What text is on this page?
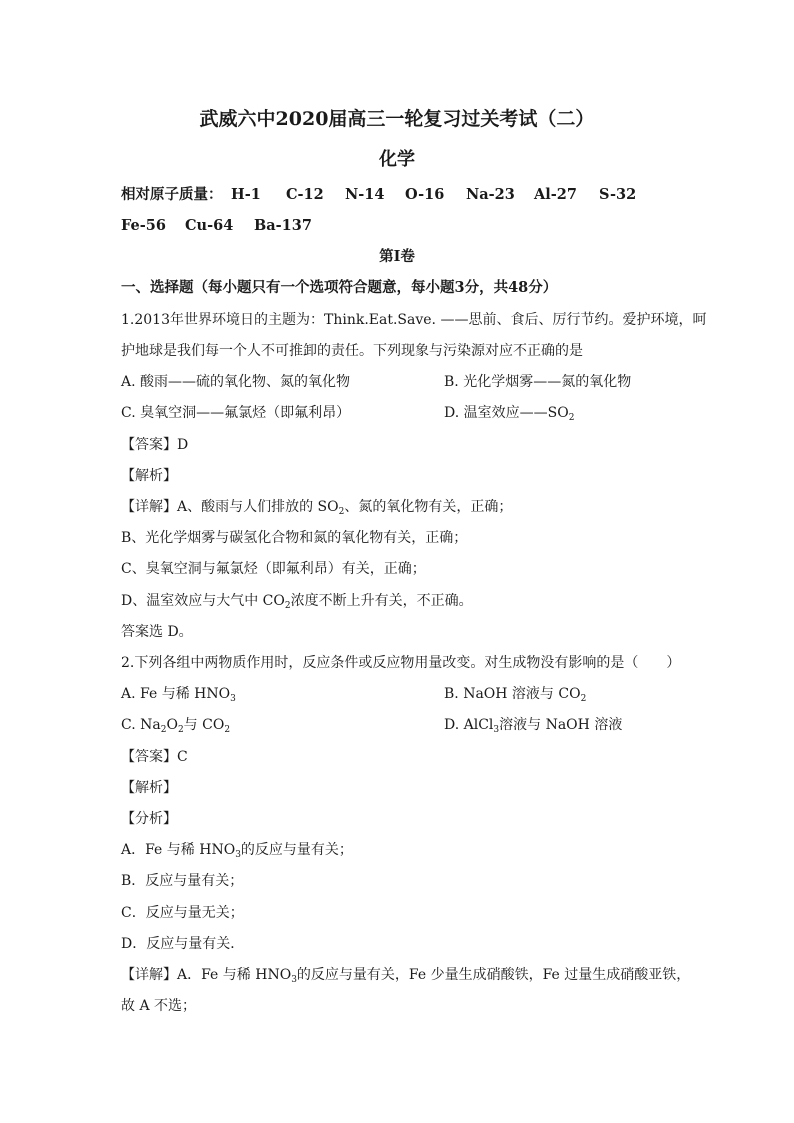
武威六中2020届高三一轮复习过关考试（二）
化学
相对原子质量： H-1 C-12 N-14 O-16 Na-23 Al-27 S-32
Fe-56 Cu-64 Ba-137
第I卷
一、选择题（每小题只有一个选项符合题意，每小题3分，共48分）
1.2013年世界环境日的主题为：Think.Eat.Save. ——思前、食后、厉行节约。爱护环境，呵
护地球是我们每一个人不可推卸的责任。下列现象与污染源对应不正确的是
A. 酸雨——硫的氧化物、氮的氧化物	B. 光化学烟雾——氮的氧化物
C. 臭氧空洞——氟氯烃（即氟利昂）	D. 温室效应$——SO_2$
【答案】D
【解析】
【详解】A、酸雨与人们排放的 $SO_2$、氮的氧化物有关，正确；
B、光化学烟雾与碳氢化合物和氮的氧化物有关，正确；
C、臭氧空洞与氟氯烃（即氟利昂）有关，正确；
D、温室效应与大气中 $CO_2$浓度不断上升有关，不正确。
答案选 D。
2.下列各组中两物质作用时，反应条件或反应物用量改变。对生成物没有影响的是（　　）
A. Fe 与稀 $HNO_3$	B. NaOH 溶液与 $CO_2$
C. $Na_2O_2$与 $CO_2$	D. AlCl$_3$溶液与 NaOH 溶液
【答案】C
【解析】
【分析】
A．Fe 与稀 $HNO_3$的反应与量有关；
B．反应与量有关；
C．反应与量无关；
D．反应与量有关．
【详解】A．Fe 与稀 $HNO_3$的反应与量有关，Fe 少量生成硝酸铁，Fe 过量生成硝酸亚铁，
故 A 不选；
